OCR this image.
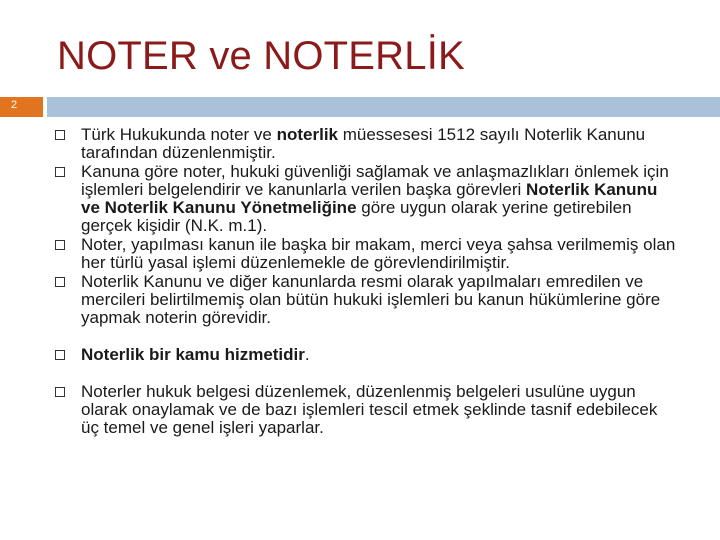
NOTER ve NOTERLİK
2
Türk Hukukunda noter ve noterlik müessesesi 1512 sayılı Noterlik Kanunu tarafından düzenlenmiştir.
Kanuna göre noter, hukuki güvenliği sağlamak ve anlaşmazlıkları önlemek için işlemleri belgelendirir ve kanunlarla verilen başka görevleri Noterlik Kanunu ve Noterlik Kanunu Yönetmeliğine göre uygun olarak yerine getirebilen gerçek kişidir (N.K. m.1).
Noter, yapılması kanun ile başka bir makam, merci veya şahsa verilmemiş olan her türlü yasal işlemi düzenlemekle de görevlendirilmiştir.
Noterlik Kanunu ve diğer kanunlarda resmi olarak yapılmaları emredilen ve mercileri belirtilmemiş olan bütün hukuki işlemleri bu kanun hükümlerine göre yapmak noterin görevidir.
Noterlik bir kamu hizmetidir.
Noterler hukuk belgesi düzenlemek, düzenlenmiş belgeleri usulüne uygun olarak onaylamak ve de bazı işlemleri tescil etmek şeklinde tasnif edebilecek üç temel ve genel işleri yaparlar.
